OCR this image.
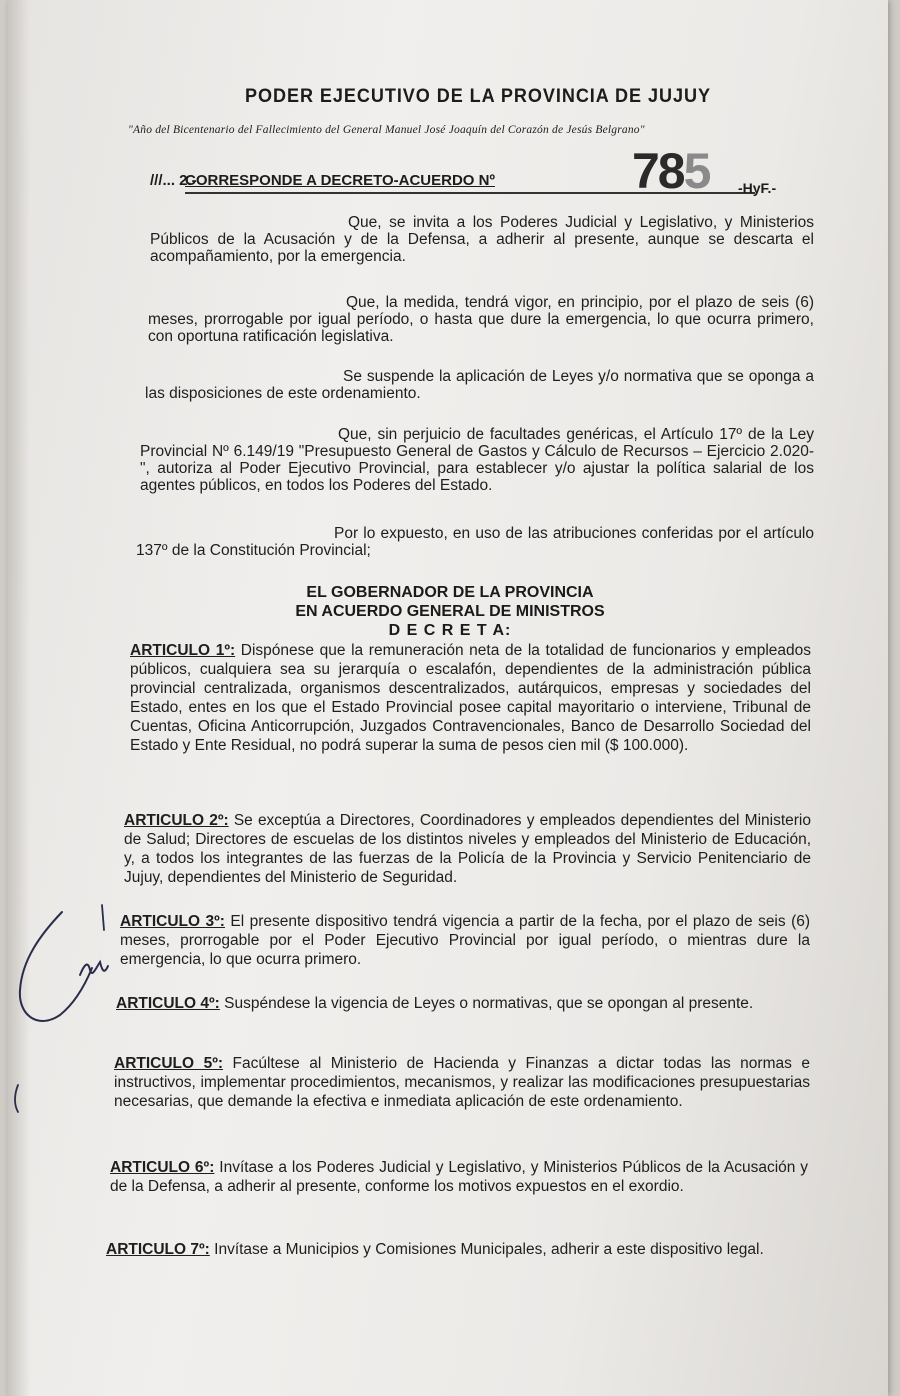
PODER EJECUTIVO DE LA PROVINCIA DE JUJUY
"Año del Bicentenario del Fallecimiento del General Manuel José Joaquín del Corazón de Jesús Belgrano"
///... 2.-
CORRESPONDE A DECRETO-ACUERDO Nº	785 -HyF.-
Que, se invita a los Poderes Judicial y Legislativo, y Ministerios Públicos de la Acusación y de la Defensa, a adherir al presente, aunque se descarta el acompañamiento, por la emergencia.
Que, la medida, tendrá vigor, en principio, por el plazo de seis (6) meses, prorrogable por igual período, o hasta que dure la emergencia, lo que ocurra primero, con oportuna ratificación legislativa.
Se suspende la aplicación de Leyes y/o normativa que se oponga a las disposiciones de este ordenamiento.
Que, sin perjuicio de facultades genéricas, el Artículo 17º de la Ley Provincial Nº 6.149/19 "Presupuesto General de Gastos y Cálculo de Recursos – Ejercicio 2.020-", autoriza al Poder Ejecutivo Provincial, para establecer y/o ajustar la política salarial de los agentes públicos, en todos los Poderes del Estado.
Por lo expuesto, en uso de las atribuciones conferidas por el artículo 137º de la Constitución Provincial;
EL GOBERNADOR DE LA PROVINCIA
EN ACUERDO GENERAL DE MINISTROS
D E C R E T A:
ARTICULO 1º: Dispónese que la remuneración neta de la totalidad de funcionarios y empleados públicos, cualquiera sea su jerarquía o escalafón, dependientes de la administración pública provincial centralizada, organismos descentralizados, autárquicos, empresas y sociedades del Estado, entes en los que el Estado Provincial posee capital mayoritario o interviene, Tribunal de Cuentas, Oficina Anticorrupción, Juzgados Contravencionales, Banco de Desarrollo Sociedad del Estado y Ente Residual, no podrá superar la suma de pesos cien mil ($ 100.000).
ARTICULO 2º: Se exceptúa a Directores, Coordinadores y empleados dependientes del Ministerio de Salud; Directores de escuelas de los distintos niveles y empleados del Ministerio de Educación, y, a todos los integrantes de las fuerzas de la Policía de la Provincia y Servicio Penitenciario de Jujuy, dependientes del Ministerio de Seguridad.
ARTICULO 3º: El presente dispositivo tendrá vigencia a partir de la fecha, por el plazo de seis (6) meses, prorrogable por el Poder Ejecutivo Provincial por igual período, o mientras dure la emergencia, lo que ocurra primero.
ARTICULO 4º: Suspéndese la vigencia de Leyes o normativas, que se opongan al presente.
ARTICULO 5º: Facúltese al Ministerio de Hacienda y Finanzas a dictar todas las normas e instructivos, implementar procedimientos, mecanismos, y realizar las modificaciones presupuestarias necesarias, que demande la efectiva e inmediata aplicación de este ordenamiento.
ARTICULO 6º: Invítase a los Poderes Judicial y Legislativo, y Ministerios Públicos de la Acusación y de la Defensa, a adherir al presente, conforme los motivos expuestos en el exordio.
ARTICULO 7º: Invítase a Municipios y Comisiones Municipales, adherir a este dispositivo legal.
